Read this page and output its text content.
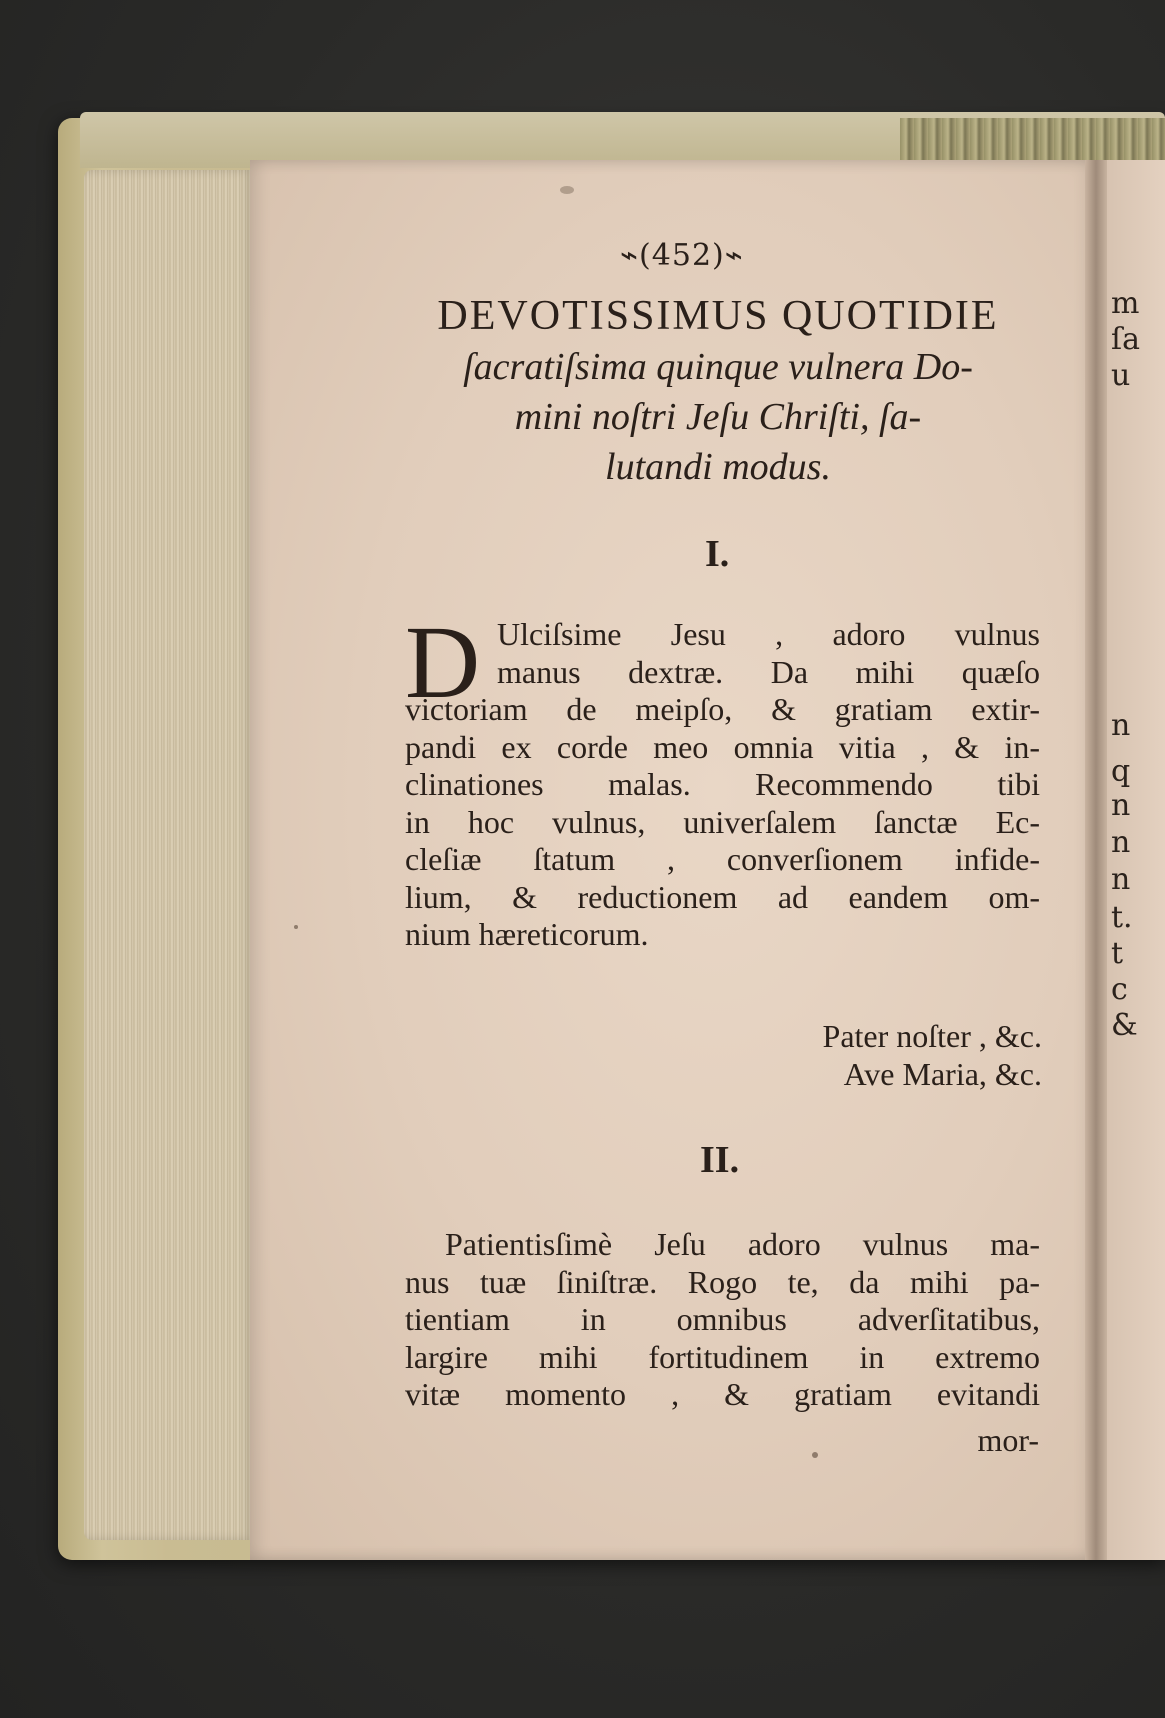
m
ſa
u
n
q
n
n
n
t.
t
c
&
⌁(452)⌁
DEVOTISSIMUS QUOTIDIE
ſacratiſsima quinque vulnera Do-
mini noſtri Jeſu Chriſti, ſa-
lutandi modus.
I.
D Ulciſsime Jesu , adoro vulnus
manus dextræ. Da mihi quæſo
victoriam de meipſo, & gratiam extir-
pandi ex corde meo omnia vitia , & in-
clinationes malas. Recommendo tibi
in hoc vulnus, univerſalem ſanctæ Ec-
cleſiæ ſtatum , converſionem infide-
lium, & reductionem ad eandem om-
nium hæreticorum.
Pater noſter , &c.
Ave Maria, &c.
II.
Patientisſimè Jeſu adoro vulnus ma-
nus tuæ ſiniſtræ. Rogo te, da mihi pa-
tientiam in omnibus adverſitatibus,
largire mihi fortitudinem in extremo
vitæ momento , & gratiam evitandi
mor-
